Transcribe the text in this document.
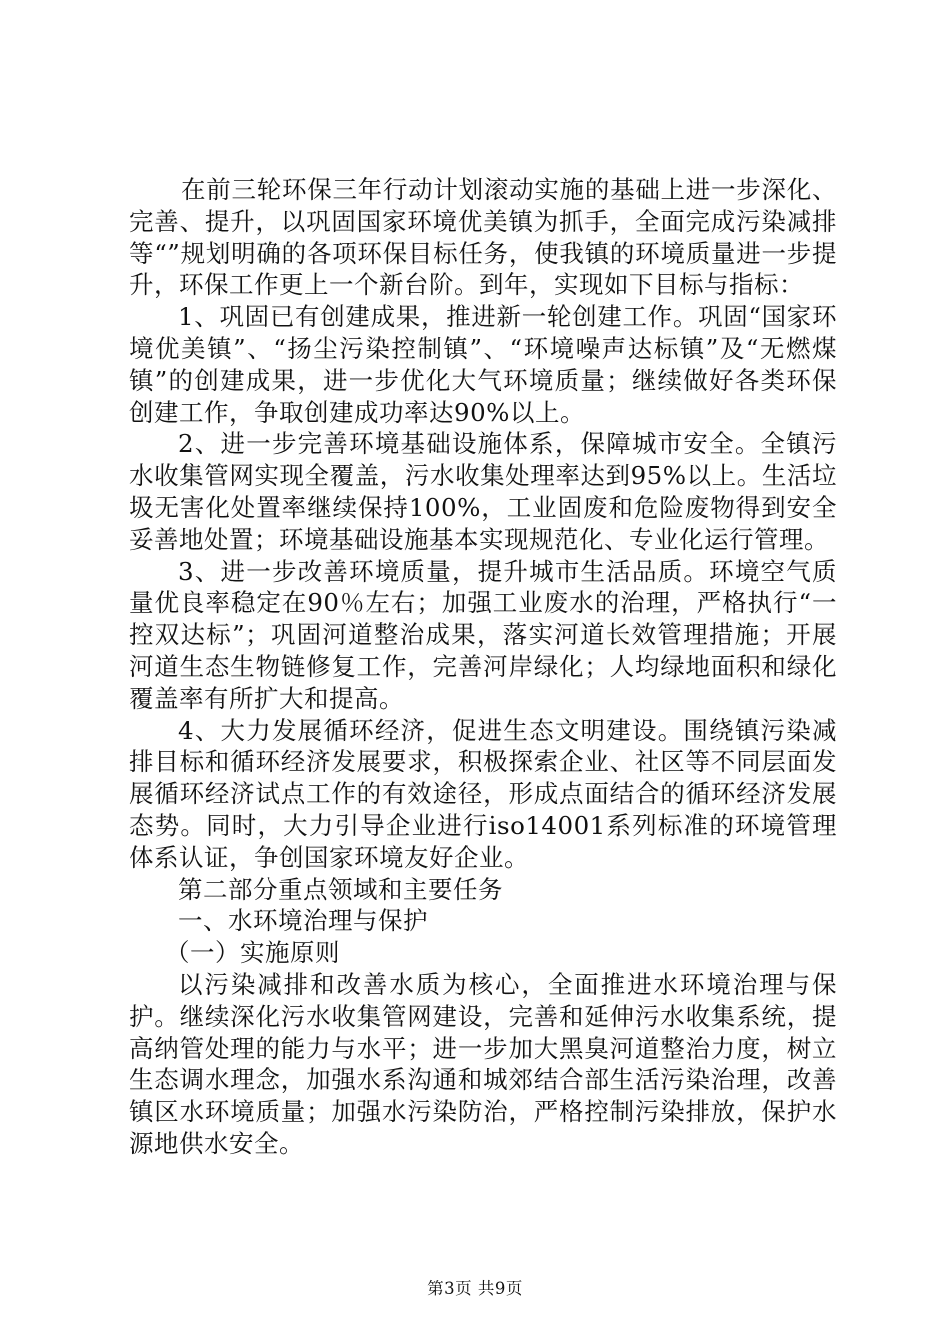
在前三轮环保三年行动计划滚动实施的基础上进一步深化、完善、提升，以巩固国家环境优美镇为抓手，全面完成污染减排等“”规划明确的各项环保目标任务，使我镇的环境质量进一步提升，环保工作更上一个新台阶。到年，实现如下目标与指标：

1、巩固已有创建成果，推进新一轮创建工作。巩固“国家环境优美镇”、“扬尘污染控制镇”、“环境噪声达标镇”及“无燃煤镇”的创建成果，进一步优化大气环境质量；继续做好各类环保创建工作，争取创建成功率达90%以上。

2、进一步完善环境基础设施体系，保障城市安全。全镇污水收集管网实现全覆盖，污水收集处理率达到95%以上。生活垃圾无害化处置率继续保持100%，工业固废和危险废物得到安全妥善地处置；环境基础设施基本实现规范化、专业化运行管理。

3、进一步改善环境质量，提升城市生活品质。环境空气质量优良率稳定在90％左右；加强工业废水的治理，严格执行“一控双达标”；巩固河道整治成果，落实河道长效管理措施；开展河道生态生物链修复工作，完善河岸绿化；人均绿地面积和绿化覆盖率有所扩大和提高。

4、大力发展循环经济，促进生态文明建设。围绕镇污染减排目标和循环经济发展要求，积极探索企业、社区等不同层面发展循环经济试点工作的有效途径，形成点面结合的循环经济发展态势。同时，大力引导企业进行iso14001系列标准的环境管理体系认证，争创国家环境友好企业。

第二部分重点领域和主要任务

一、水环境治理与保护

（一）实施原则

以污染减排和改善水质为核心，全面推进水环境治理与保护。继续深化污水收集管网建设，完善和延伸污水收集系统，提高纳管处理的能力与水平；进一步加大黑臭河道整治力度，树立生态调水理念，加强水系沟通和城郊结合部生活污染治理，改善镇区水环境质量；加强水污染防治，严格控制污染排放，保护水源地供水安全。

第3页 共9页
